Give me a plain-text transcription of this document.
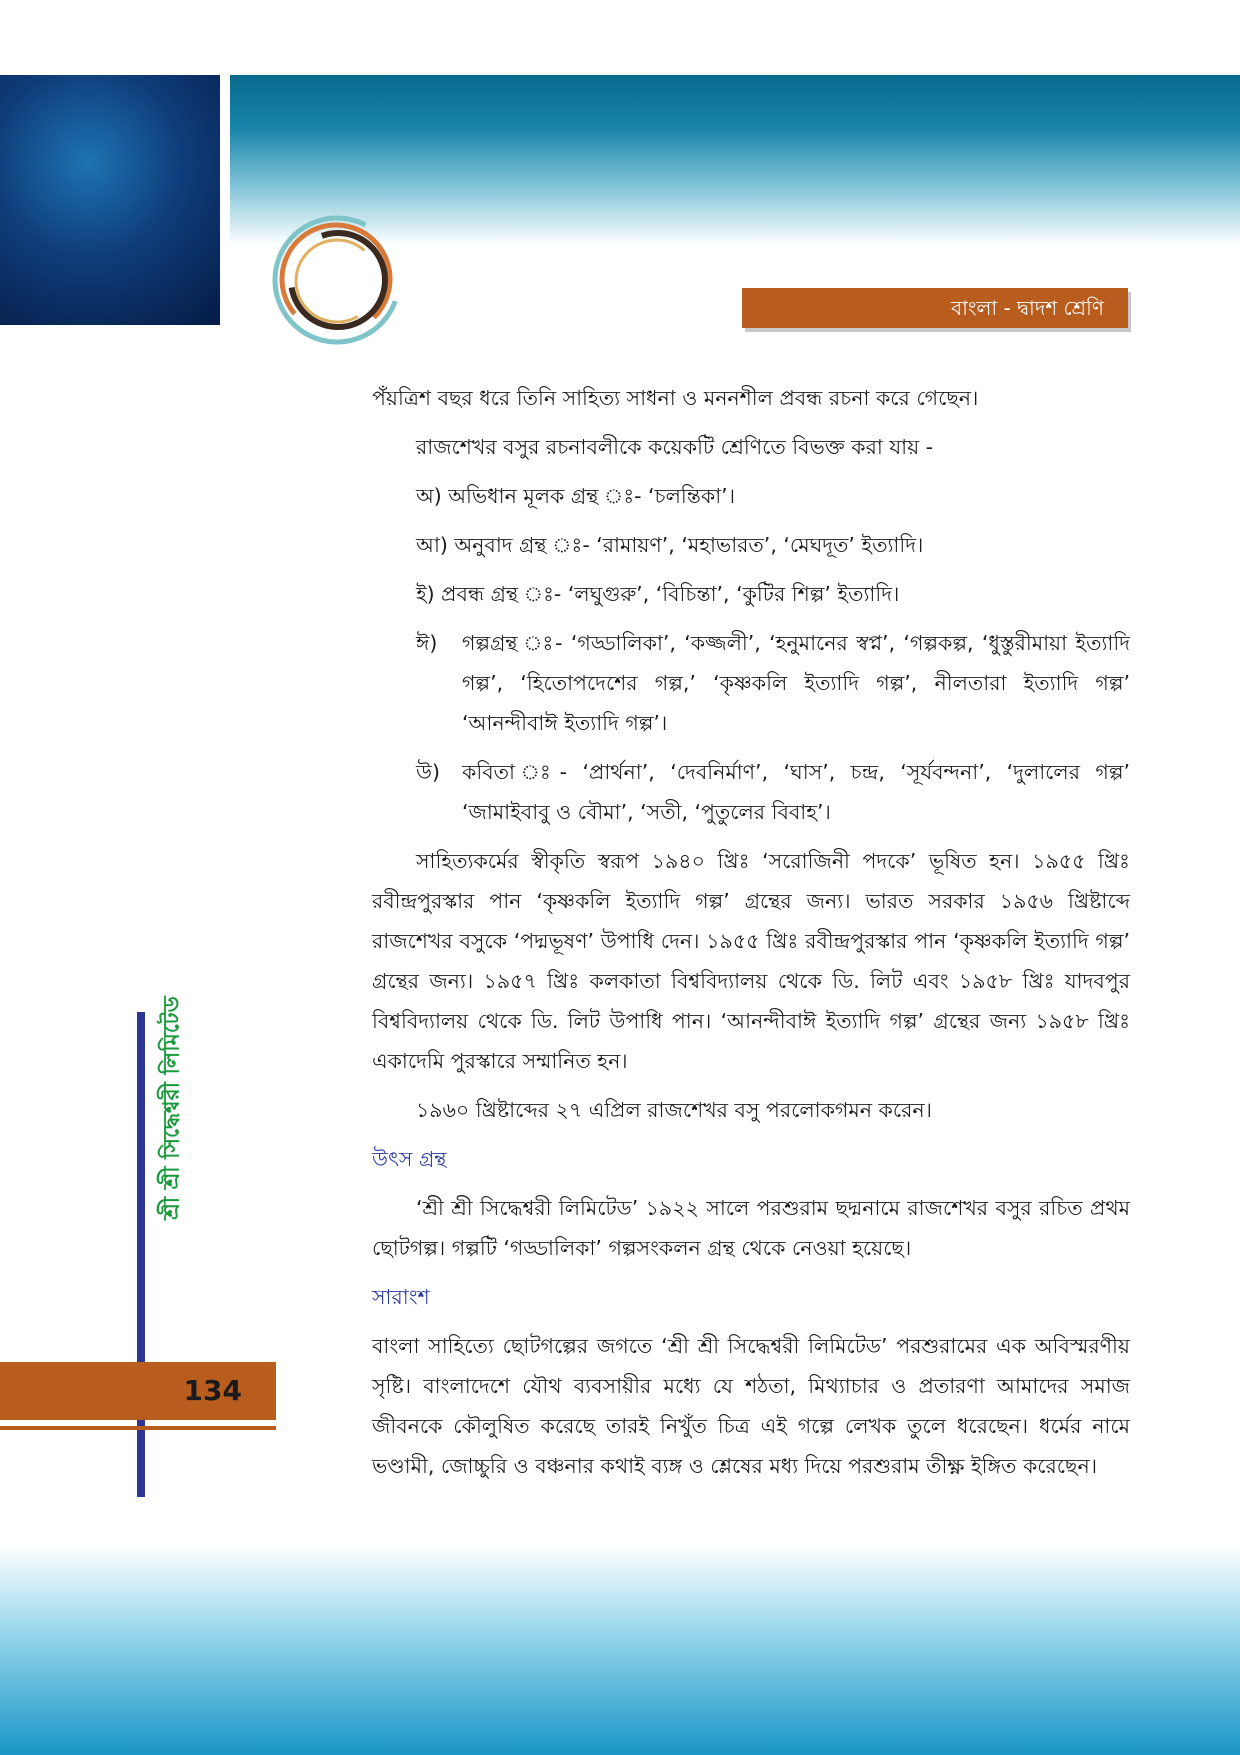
বাংলা - দ্বাদশ শ্রেণি
শ্রী শ্রী সিদ্ধেশ্বরী লিমিটেড
134

পঁয়ত্রিশ বছর ধরে তিনি সাহিত্য সাধনা ও মননশীল প্রবন্ধ রচনা করে গেছেন।

রাজশেখর বসুর রচনাবলীকে কয়েকটি শ্রেণিতে বিভক্ত করা যায় -

অ) অভিধান মূলক গ্রন্থ ঃ- ‘চলন্তিকা’।

আ) অনুবাদ গ্রন্থ ঃ- ‘রামায়ণ’, ‘মহাভারত’, ‘মেঘদূত’ ইত্যাদি।

ই) প্রবন্ধ গ্রন্থ ঃ- ‘লঘুগুরু’, ‘বিচিন্তা’, ‘কুটির শিল্প’ ইত্যাদি।

ঈ)	গল্পগ্রন্থ ঃ- ‘গড্ডালিকা’, ‘কজ্জলী’, ‘হনুমানের স্বপ্ন’, ‘গল্পকল্প, ‘ধুস্তুরীমায়া ইত্যাদি গল্প’, ‘হিতোপদেশের গল্প,’ ‘কৃষ্ণকলি ইত্যাদি গল্প’, নীলতারা ইত্যাদি গল্প’ ‘আনন্দীবাঈ ইত্যাদি গল্প’।
উ)	কবিতা ঃ- ‘প্রার্থনা’, ‘দেবনির্মাণ’, ‘ঘাস’, চন্দ্র, ‘সূর্যবন্দনা’, ‘দুলালের গল্প’ ‘জামাইবাবু ও বৌমা’, ‘সতী, ‘পুতুলের বিবাহ’।

সাহিত্যকর্মের স্বীকৃতি স্বরূপ ১৯৪০ খ্রিঃ ‘সরোজিনী পদকে’ ভূষিত হন। ১৯৫৫ খ্রিঃ রবীন্দ্রপুরস্কার পান ‘কৃষ্ণকলি ইত্যাদি গল্প’ গ্রন্থের জন্য। ভারত সরকার ১৯৫৬ খ্রিষ্টাব্দে রাজশেখর বসুকে ‘পদ্মভূষণ’ উপাধি দেন। ১৯৫৫ খ্রিঃ রবীন্দ্রপুরস্কার পান ‘কৃষ্ণকলি ইত্যাদি গল্প’ গ্রন্থের জন্য। ১৯৫৭ খ্রিঃ কলকাতা বিশ্ববিদ্যালয় থেকে ডি. লিট এবং ১৯৫৮ খ্রিঃ যাদবপুর বিশ্ববিদ্যালয় থেকে ডি. লিট উপাধি পান। ‘আনন্দীবাঈ ইত্যাদি গল্প’ গ্রন্থের জন্য ১৯৫৮ খ্রিঃ একাদেমি পুরস্কারে সম্মানিত হন।

১৯৬০ খ্রিষ্টাব্দের ২৭ এপ্রিল রাজশেখর বসু পরলোকগমন করেন।

উৎস গ্রন্থ

‘শ্রী শ্রী সিদ্ধেশ্বরী লিমিটেড’ ১৯২২ সালে পরশুরাম ছদ্মনামে রাজশেখর বসুর রচিত প্রথম ছোটগল্প। গল্পটি ‘গড্ডালিকা’ গল্পসংকলন গ্রন্থ থেকে নেওয়া হয়েছে।

সারাংশ

বাংলা সাহিত্যে ছোটগল্পের জগতে ‘শ্রী শ্রী সিদ্ধেশ্বরী লিমিটেড’ পরশুরামের এক অবিস্মরণীয় সৃষ্টি। বাংলাদেশে যৌথ ব্যবসায়ীর মধ্যে যে শঠতা, মিথ্যাচার ও প্রতারণা আমাদের সমাজ জীবনকে কৌলুষিত করেছে তারই নিখুঁত চিত্র এই গল্পে লেখক তুলে ধরেছেন। ধর্মের নামে ভণ্ডামী, জোচ্চুরি ও বঞ্চনার কথাই ব্যঙ্গ ও শ্লেষের মধ্য দিয়ে পরশুরাম তীক্ষ্ণ ইঙ্গিত করেছেন।
